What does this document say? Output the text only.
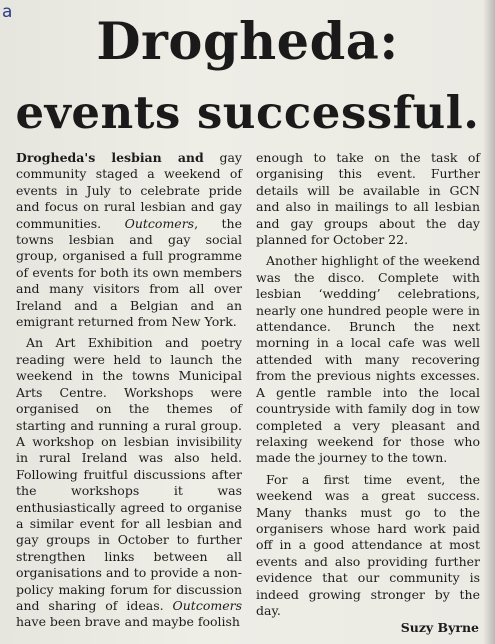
a	Drogheda:
events successful.

Drogheda's lesbian and gay community staged a weekend of events in July to celebrate pride and focus on rural lesbian and gay communities. Outcomers, the towns lesbian and gay social group, organised a full programme of events for both its own members and many visitors from all over Ireland and a Belgian and an emigrant returned from New York.

An Art Exhibition and poetry reading were held to launch the weekend in the towns Municipal Arts Centre. Workshops were organised on the themes of starting and running a rural group. A workshop on lesbian invisibility in rural Ireland was also held. Following fruitful discussions after the workshops it was enthusiastically agreed to organise a similar event for all lesbian and gay groups in October to further strengthen links between all organisations and to provide a non-policy making forum for discussion and sharing of ideas. Outcomers have been brave and maybe foolish

enough to take on the task of organising this event. Further details will be available in GCN and also in mailings to all lesbian and gay groups about the day planned for October 22.

Another highlight of the weekend was the disco. Complete with lesbian ‘wedding’ celebrations, nearly one hundred people were in attendance. Brunch the next morning in a local cafe was well attended with many recovering from the previous nights excesses. A gentle ramble into the local countryside with family dog in tow completed a very pleasant and relaxing weekend for those who made the journey to the town.

For a first time event, the weekend was a great success. Many thanks must go to the organisers whose hard work paid off in a good attendance at most events and also providing further evidence that our community is indeed growing stronger by the day.

Suzy Byrne
